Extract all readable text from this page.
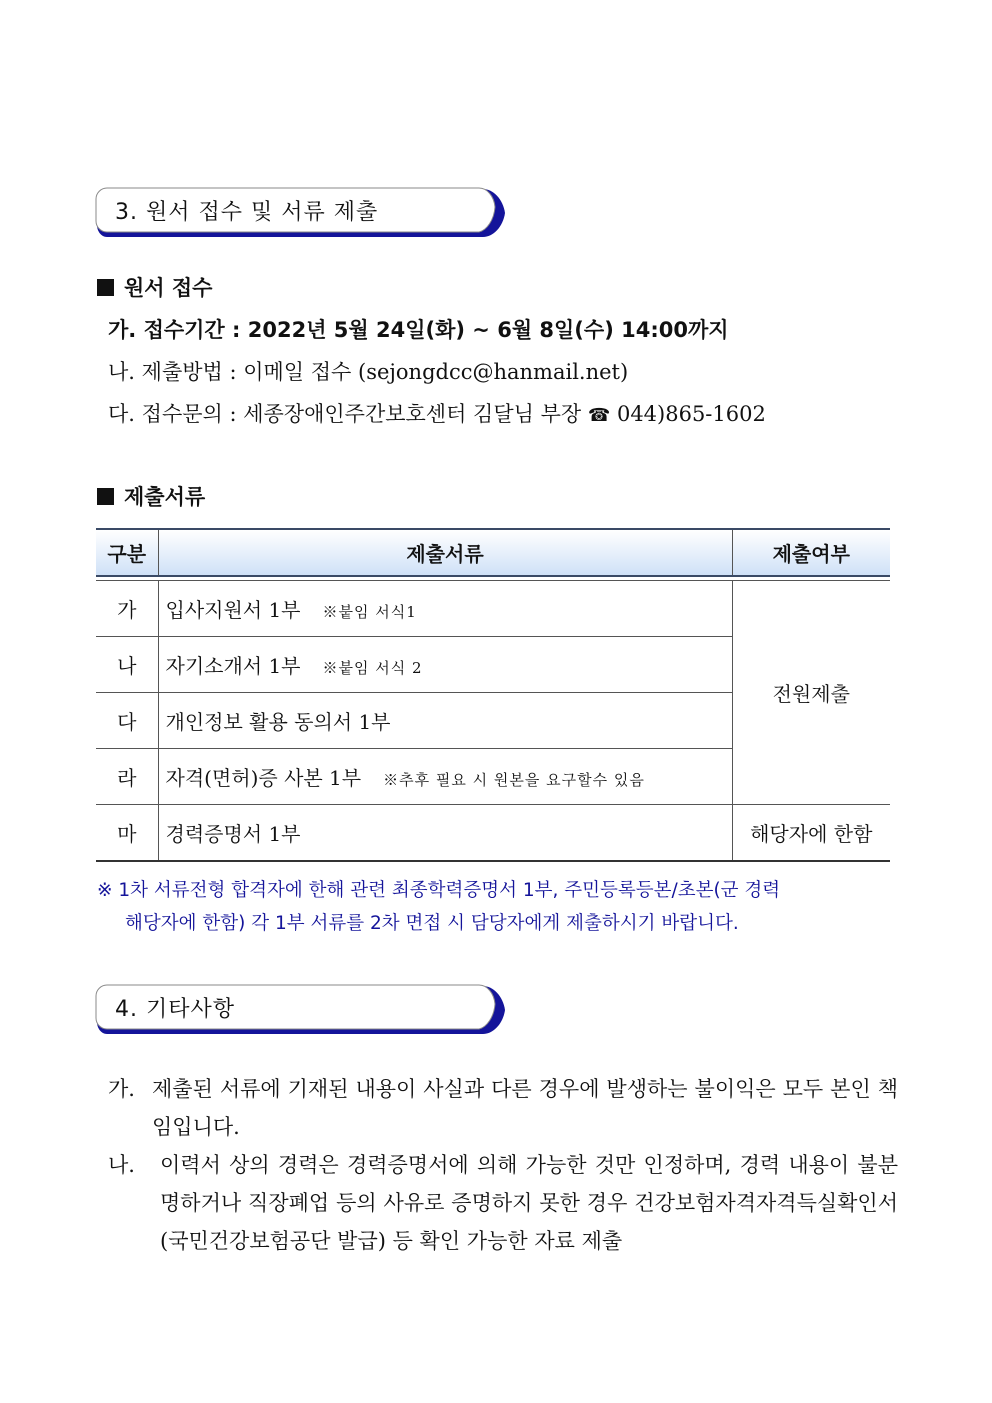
3. 원서 접수 및 서류 제출
원서 접수
가. 접수기간 : 2022년 5월 24일(화) ~ 6월 8일(수) 14:00까지
나. 제출방법 : 이메일 접수 (sejongdcc@hanmail.net)
다. 접수문의 : 세종장애인주간보호센터 김달님 부장 ☎ 044)865-1602
제출서류
구분	제출서류	제출여부

가	입사지원서 1부 ※붙임 서식1	전원제출
나	자기소개서 1부 ※붙임 서식 2	
다	개인정보 활용 동의서 1부	
라	자격(면허)증 사본 1부 ※추후 필요 시 원본을 요구할수 있음	
마	경력증명서 1부	해당자에 한함
※ 1차 서류전형 합격자에 한해 관련 최종학력증명서 1부, 주민등록등본/초본(군 경력
해당자에 한함) 각 1부 서류를 2차 면접 시 담당자에게 제출하시기 바랍니다.
4. 기타사항
가. 제출된 서류에 기재된 내용이 사실과 다른 경우에 발생하는 불이익은 모두 본인 책임입니다.
나. 이력서 상의 경력은 경력증명서에 의해 가능한 것만 인정하며, 경력 내용이 불분명하거나 직장폐업 등의 사유로 증명하지 못한 경우 건강보험자격자격득실확인서(국민건강보험공단 발급) 등 확인 가능한 자료 제출
